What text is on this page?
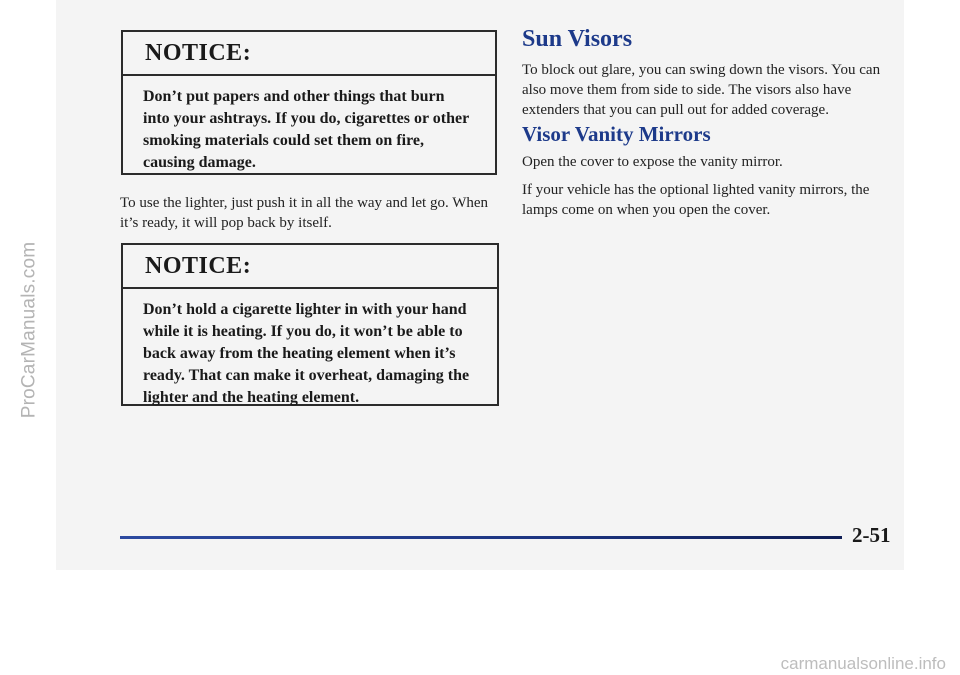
ProCarManuals.com
NOTICE:
Don’t put papers and other things that burn into your ashtrays. If you do, cigarettes or other smoking materials could set them on fire, causing damage.

To use the lighter, just push it in all the way and let go. When it’s ready, it will pop back by itself.

NOTICE:
Don’t hold a cigarette lighter in with your hand while it is heating. If you do, it won’t be able to back away from the heating element when it’s ready. That can make it overheat, damaging the lighter and the heating element.
Sun Visors

To block out glare, you can swing down the visors. You can also move them from side to side. The visors also have extenders that you can pull out for added coverage.

Visor Vanity Mirrors

Open the cover to expose the vanity mirror.

If your vehicle has the optional lighted vanity mirrors, the lamps come on when you open the cover.

2-51
carmanualsonline.info
